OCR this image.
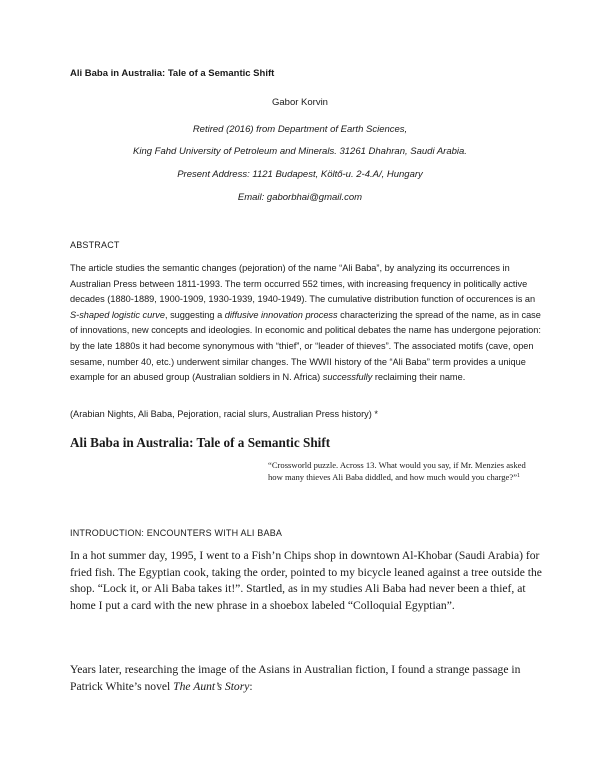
Ali Baba in Australia: Tale of a Semantic Shift
Gabor Korvin
Retired (2016) from Department of Earth Sciences,
King Fahd University of Petroleum and Minerals. 31261 Dhahran, Saudi Arabia.
Present Address: 1121 Budapest, Költő-u. 2-4.A/, Hungary
Email: gaborbhai@gmail.com
ABSTRACT

The article studies the semantic changes (pejoration) of the name “Ali Baba”, by analyzing its occurrences in Australian Press between 1811-1993. The term occurred 552 times, with increasing frequency in politically active decades (1880-1889, 1900-1909, 1930-1939, 1940-1949). The cumulative distribution function of occurences is an S-shaped logistic curve, suggesting a diffusive innovation process characterizing the spread of the name, as in case of innovations, new concepts and ideologies. In economic and political debates the name has undergone pejoration: by the late 1880s it had become synonymous with “thief”, or “leader of thieves”. The associated motifs (cave, open sesame, number 40, etc.) underwent similar changes. The WWII history of the “Ali Baba” term provides a unique example for an abused group (Australian soldiers in N. Africa) successfully reclaiming their name.

(Arabian Nights, Ali Baba, Pejoration, racial slurs, Australian Press history) *
Ali Baba in Australia: Tale of a Semantic Shift
“Crossworld puzzle. Across 13. What would you say, if Mr. Menzies asked how many thieves Ali Baba diddled, and how much would you charge?”$^1$
INTRODUCTION: ENCOUNTERS WITH ALI BABA

In a hot summer day, 1995, I went to a Fish’n Chips shop in downtown Al-Khobar (Saudi Arabia) for fried fish. The Egyptian cook, taking the order, pointed to my bicycle leaned against a tree outside the shop. “Lock it, or Ali Baba takes it!”. Startled, as in my studies Ali Baba had never been a thief, at home I put a card with the new phrase in a shoebox labeled “Colloquial Egyptian”.

Years later, researching the image of the Asians in Australian fiction, I found a strange passage in Patrick White’s novel The Aunt’s Story:
